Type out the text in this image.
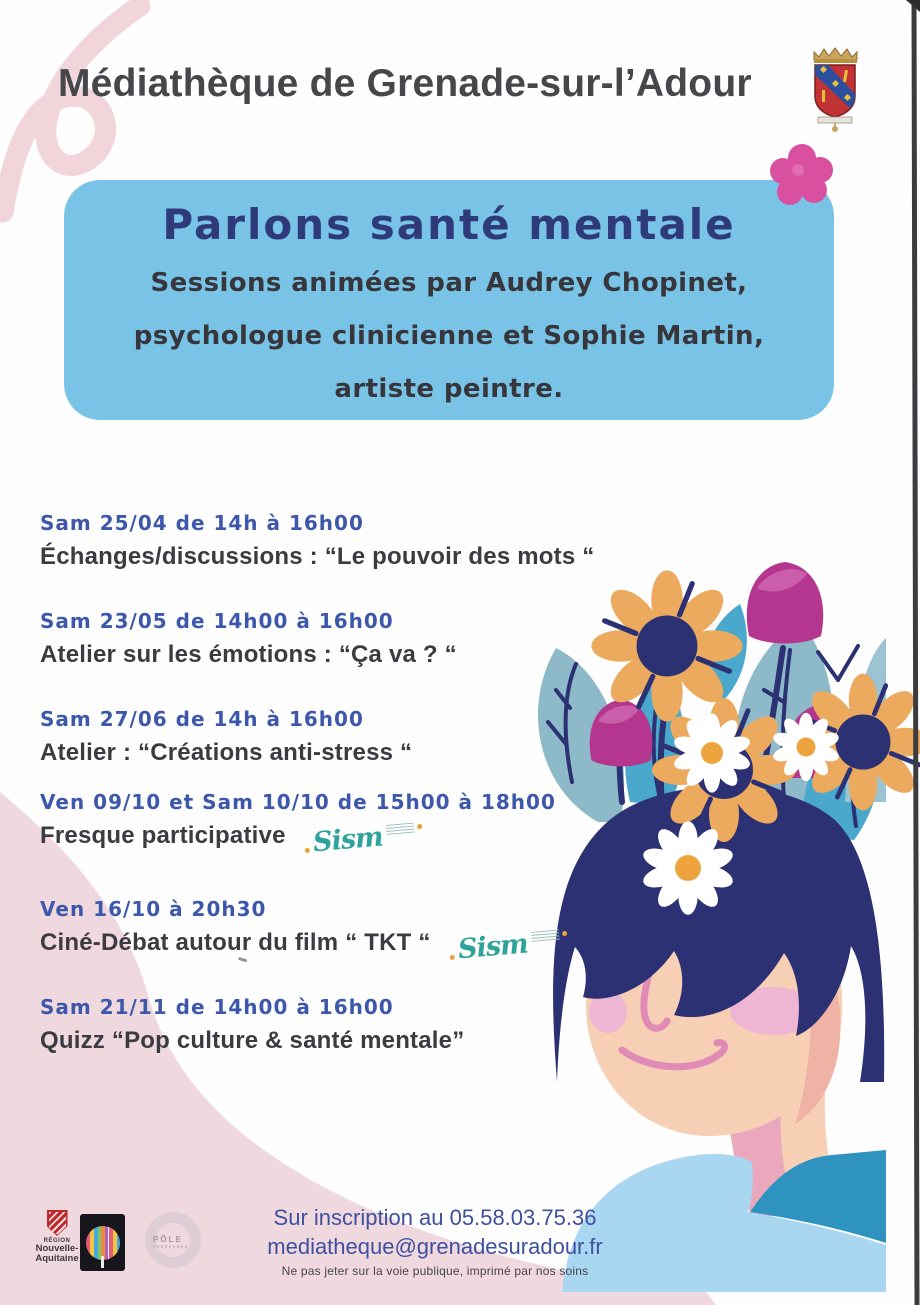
Médiathèque de Grenade-sur-l’Adour
Parlons santé mentale
Sessions animées par Audrey Chopinet,
psychologue clinicienne et Sophie Martin,
artiste peintre.
Sam 25/04 de 14h à 16h00
Échanges/discussions : “Le pouvoir des mots “
Sam 23/05 de 14h00 à 16h00
Atelier sur les émotions : “Ça va ? “
Sam 27/06 de 14h à 16h00
Atelier : “Créations anti-stress “
Ven 09/10 et Sam 10/10 de 15h00 à 18h00
Fresque participative Sism
Ven 16/10 à 20h30
Ciné-Débat autour du film “ TKT “ Sism
Sam 21/11 de 14h00 à 16h00
Quizz “Pop culture & santé mentale”
Sur inscription au 05.58.03.75.36
mediatheque@grenadesuradour.fr
Ne pas jeter sur la voie publique, imprimé par nos soins
RÉGION
Nouvelle-
Aquitaine
PÔLE
